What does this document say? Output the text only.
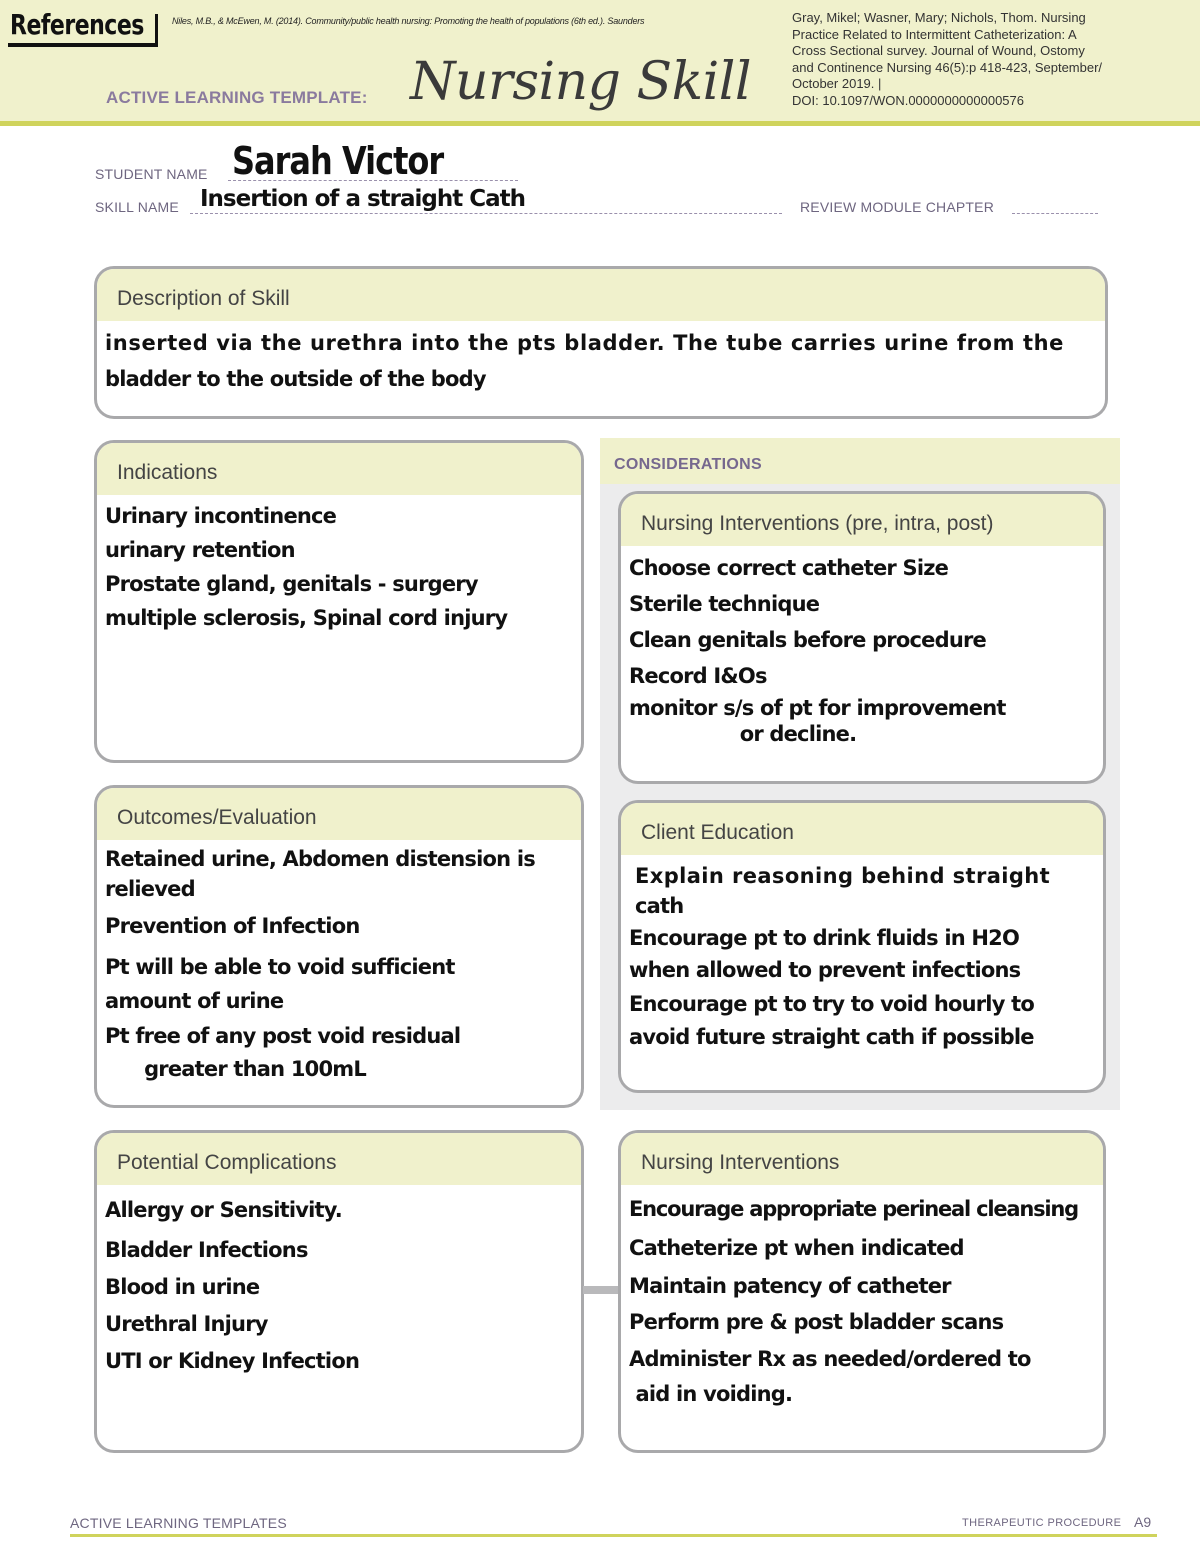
References	Niles, M.B., & McEwen, M. (2014). Community/public health nursing: Promoting the health of populations (6th ed.). Saunders
ACTIVE LEARNING TEMPLATE: Nursing Skill
Gray, Mikel; Wasner, Mary; Nichols, Thom. Nursing
Practice Related to Intermittent Catheterization: A
Cross Sectional survey. Journal of Wound, Ostomy
and Continence Nursing 46(5):p 418-423, September/
October 2019. |
DOI: 10.1097/WON.0000000000000576
STUDENT NAME Sarah Victor
SKILL NAME Insertion of a straight Cath	REVIEW MODULE CHAPTER
Description of Skill
inserted via the urethra into the pts bladder. The tube carries urine from the
bladder to the outside of the body
Indications
Urinary incontinence
urinary retention
Prostate gland, genitals - surgery
multiple sclerosis, Spinal cord injury
CONSIDERATIONS
Nursing Interventions (pre, intra, post)
Choose correct catheter Size
Sterile technique
Clean genitals before procedure
Record I&Os
monitor s/s of pt for improvement
or decline.
Outcomes/Evaluation
Retained urine, Abdomen distension is
relieved
Prevention of Infection
Pt will be able to void sufficient
amount of urine
Pt free of any post void residual
greater than 100mL
Client Education
Explain reasoning behind straight
cath
Encourage pt to drink fluids in H2O
when allowed to prevent infections
Encourage pt to try to void hourly to
avoid future straight cath if possible
Potential Complications
Allergy or Sensitivity.
Bladder Infections
Blood in urine
Urethral Injury
UTI or Kidney Infection
Nursing Interventions
Encourage appropriate perineal cleansing
Catheterize pt when indicated
Maintain patency of catheter
Perform pre & post bladder scans
Administer Rx as needed/ordered to
aid in voiding.
ACTIVE LEARNING TEMPLATES	THERAPEUTIC PROCEDURE A9
